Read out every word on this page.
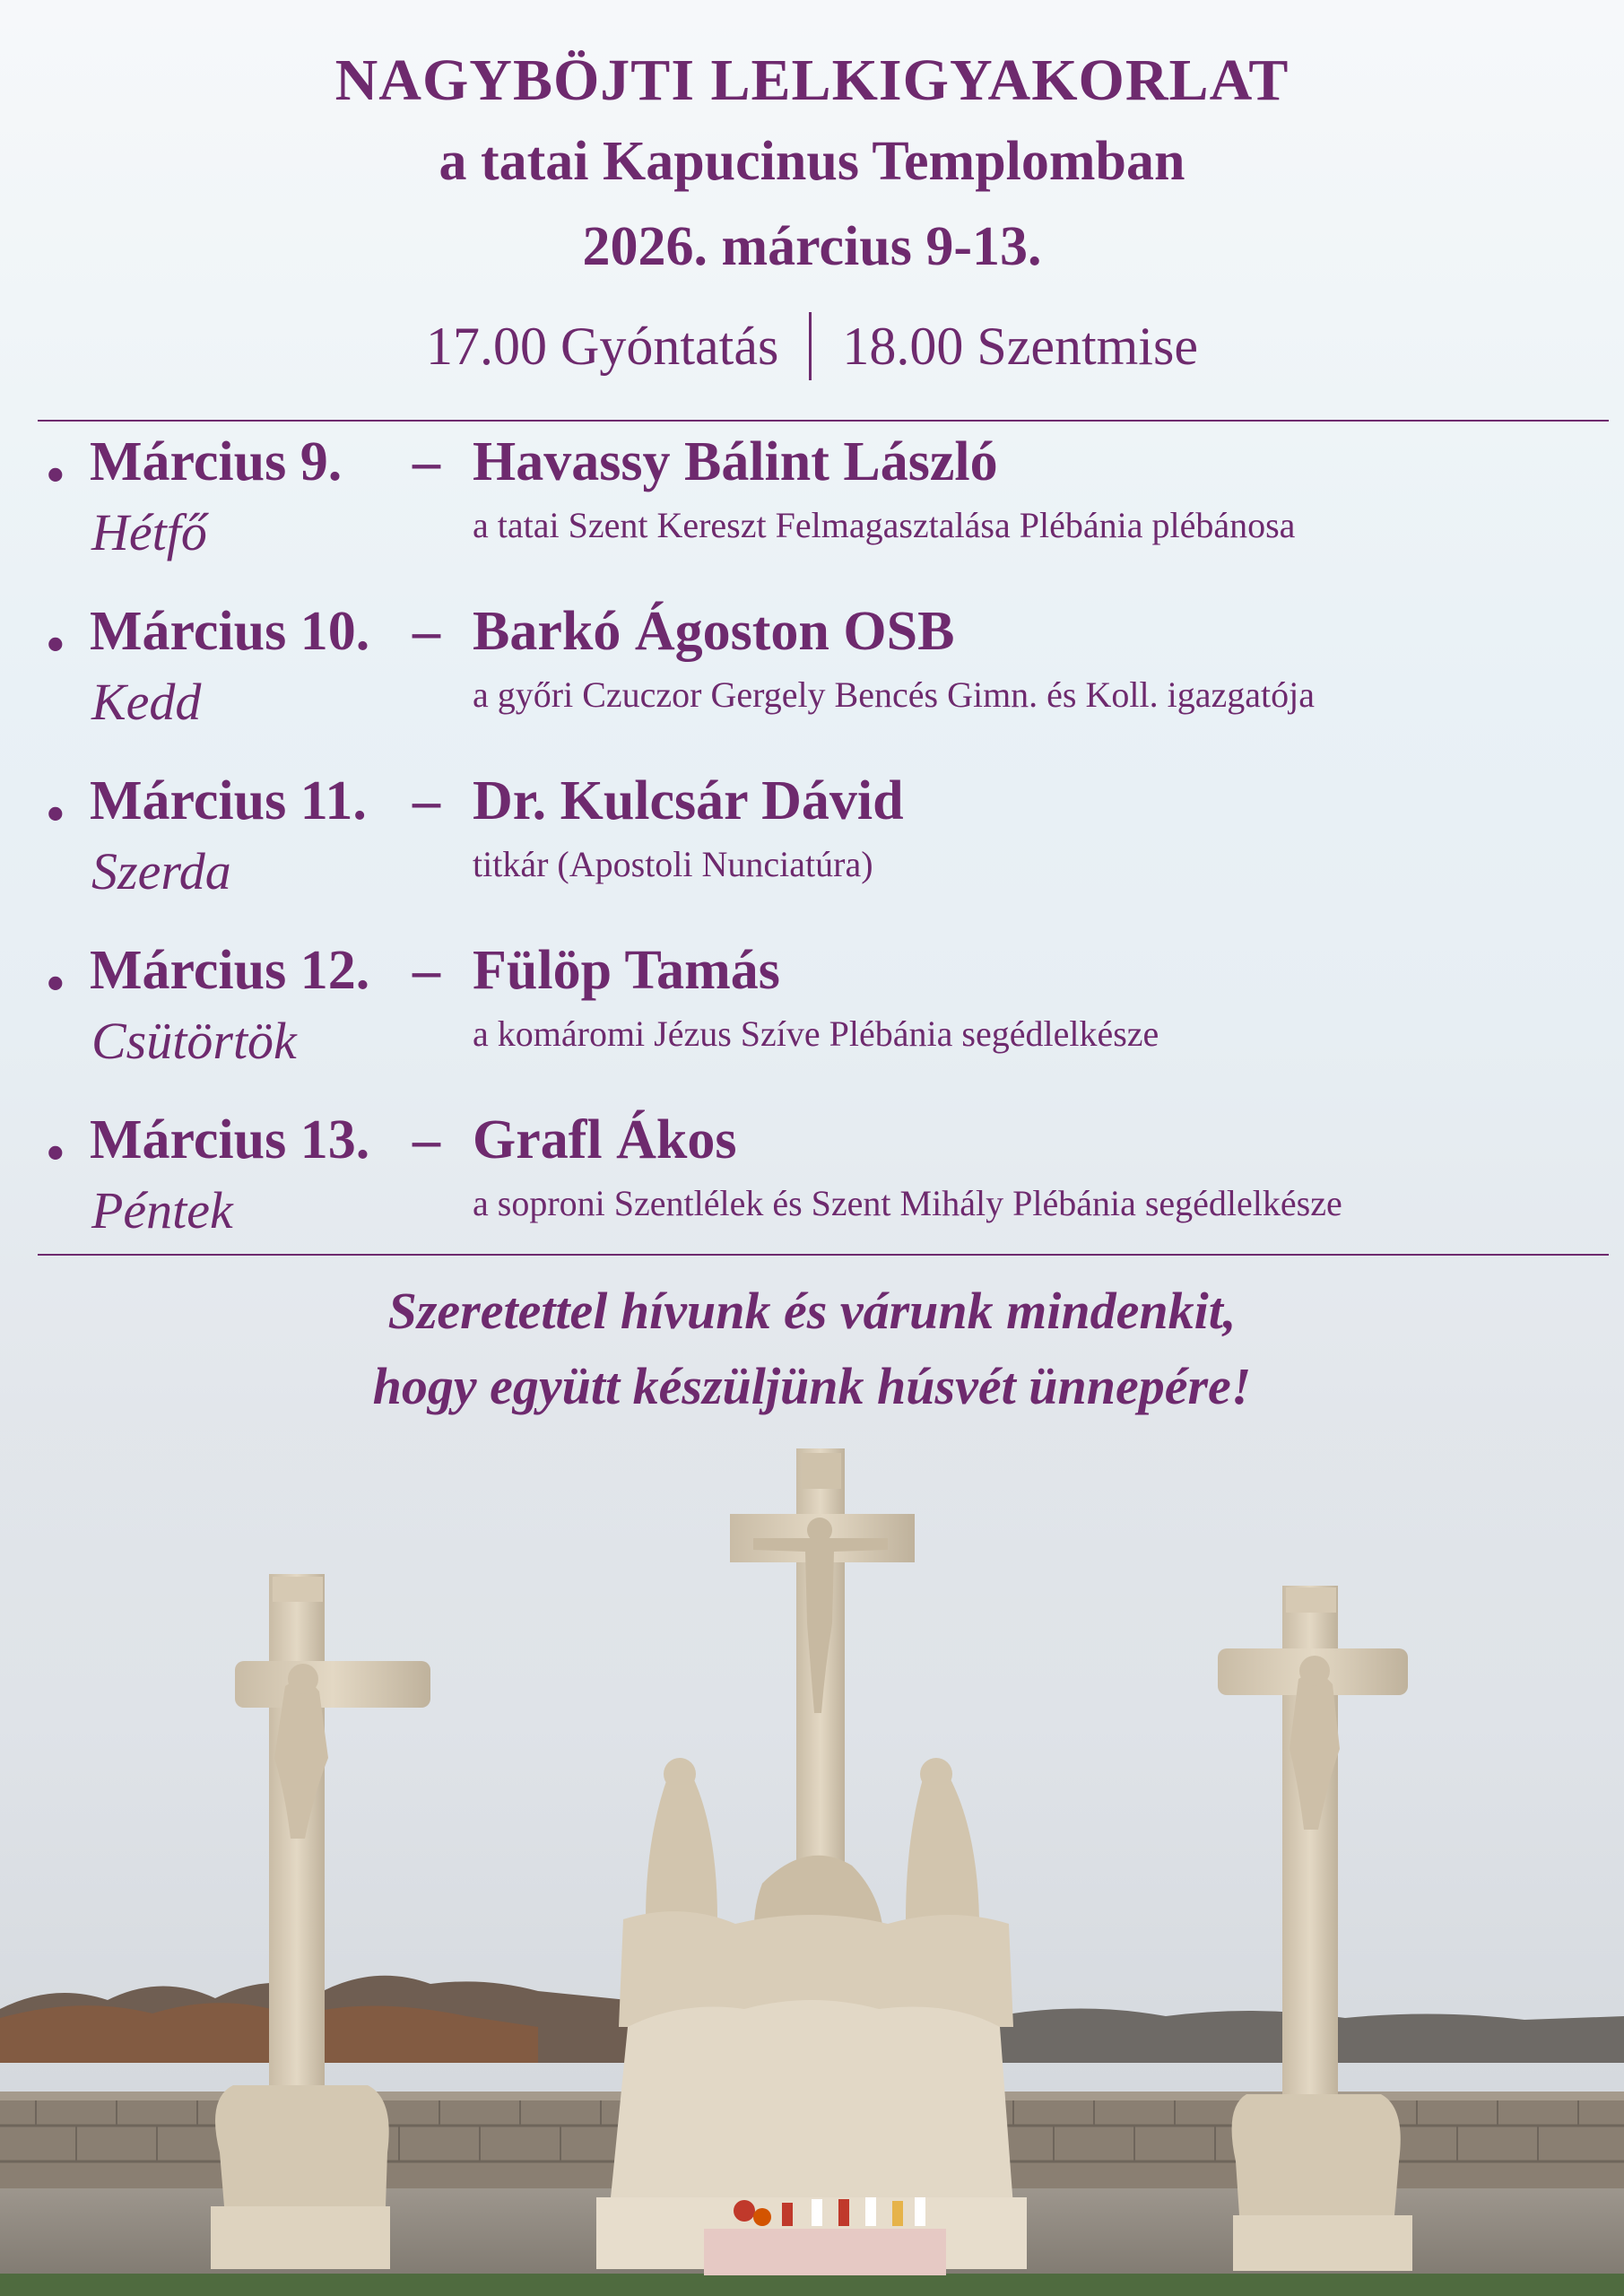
NAGYBÖJTI LELKIGYAKORLAT
a tatai Kapucinus Templomban
2026. március 9-13.
17.00 Gyóntatás 18.00 Szentmise
• Március 9. –
Hétfő
Havassy Bálint László
a tatai Szent Kereszt Felmagasztalása Plébánia plébánosa
• Március 10. –
Kedd
Barkó Ágoston OSB
a győri Czuczor Gergely Bencés Gimn. és Koll. igazgatója
• Március 11. –
Szerda
Dr. Kulcsár Dávid
titkár (Apostoli Nunciatúra)
• Március 12. –
Csütörtök
Fülöp Tamás
a komáromi Jézus Szíve Plébánia segédlelkésze
• Március 13. –
Péntek
Grafl Ákos
a soproni Szentlélek és Szent Mihály Plébánia segédlelkésze
Szeretettel hívunk és várunk mindenkit,
hogy együtt készüljünk húsvét ünnepére!
